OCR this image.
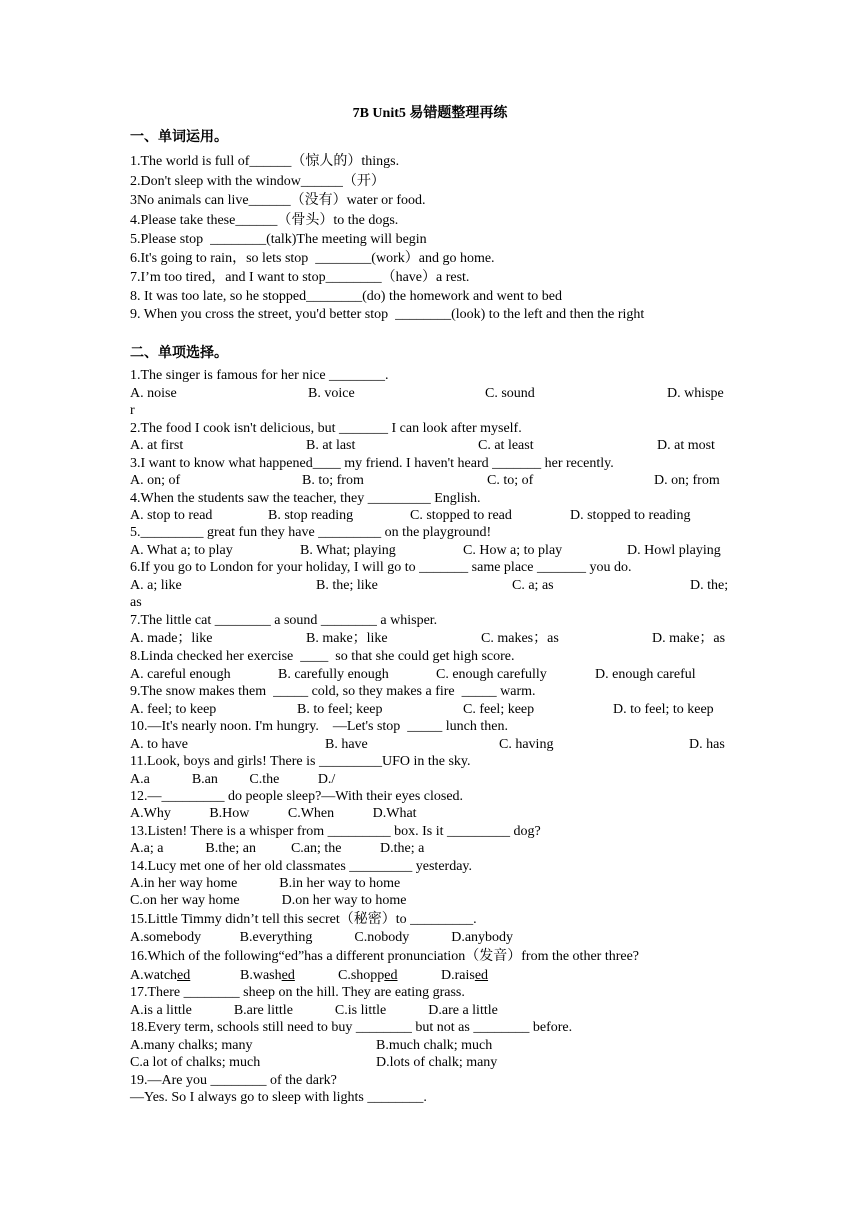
7B Unit5 易错题整理再练
一、单词运用。
1.The world is full of______（惊人的）things.
2.Don't sleep with the window______（开）
3No animals can live______（没有）water or food.
4.Please take these______（骨头）to the dogs.
5.Please stop  ________(talk)The meeting will begin
6.It's going to rain，so lets stop  ________(work）and go home.
7.I’m too tired，and I want to stop________（have）a rest.
8. It was too late, so he stopped________(do) the homework and went to bed
9. When you cross the street, you'd better stop  ________(look) to the left and then the right
二、单项选择。
1.The singer is famous for her nice ________.
A. noise	B. voice	C. sound	D. whispe
r
2.The food I cook isn't delicious, but _______ I can look after myself.
A. at first	B. at last	C. at least	D. at most
3.I want to know what happened____ my friend. I haven't heard _______ her recently.
A. on; of	B. to; from	C. to; of	D. on; from
4.When the students saw the teacher, they _________ English.
A. stop to read	B. stop reading	C. stopped to read	D. stopped to reading
5._________ great fun they have _________ on the playground!
A. What a; to play	B. What; playing	C. How a; to play	D. Howl playing
6.If you go to London for your holiday, I will go to _______ same place _______ you do.
A. a; like	B. the; like	C. a; as	D. the;
as
7.The little cat ________ a sound ________ a whisper.
A. made；like	B. make；like	C. makes；as	D. make；as
8.Linda checked her exercise  ____  so that she could get high score.
A. careful enough	B. carefully enough	C. enough carefully	D. enough careful
9.The snow makes them  _____ cold, so they makes a fire  _____ warm.
A. feel; to keep	B. to feel; keep	C. feel; keep	D. to feel; to keep
10.—It's nearly noon. I'm hungry.    —Let's stop  _____ lunch then.
A. to have	B. have	C. having	D. has
11.Look, boys and girls! There is _________UFO in the sky.
A.a            B.an         C.the           D./
12.—_________ do people sleep?—With their eyes closed.
A.Why           B.How           C.When           D.What
13.Listen! There is a whisper from _________ box. Is it _________ dog?
A.a; a            B.the; an          C.an; the           D.the; a
14.Lucy met one of her old classmates _________ yesterday.
A.in her way home            B.in her way to home
C.on her way home            D.on her way to home
15.Little Timmy didn’t tell this secret（秘密）to _________.
A.somebody           B.everything            C.nobody            D.anybody
16.Which of the following“ed”has a different pronunciation（发音）from the other three?
A.watched	B.washed	C.shopped	D.raised
17.There ________ sheep on the hill. They are eating grass.
A.is a little            B.are little            C.is little            D.are a little
18.Every term, schools still need to buy ________ but not as ________ before.
A.many chalks; many	B.much chalk; much
C.a lot of chalks; much	D.lots of chalk; many
19.—Are you ________ of the dark?
—Yes. So I always go to sleep with lights ________.
